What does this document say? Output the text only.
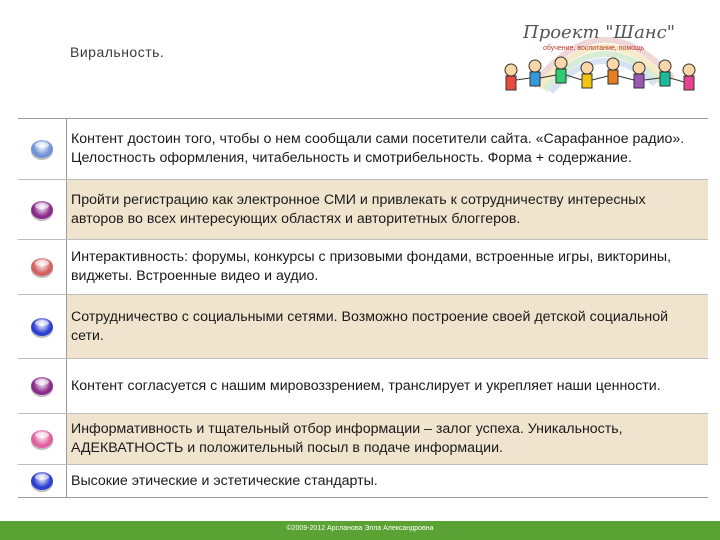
Виральность.
Проект "Шанс"
обучение, воспитание, помощь
Контент достоин того, чтобы о нем сообщали сами посетители сайта. «Сарафанное радио». Целостность оформления, читабельность и смотрибельность. Форма + содержание.
Пройти регистрацию как электронное СМИ и привлекать к сотрудничеству интересных авторов во всех интересующих областях и авторитетных блоггеров.
Интерактивность: форумы, конкурсы с призовыми фондами, встроенные игры, викторины, виджеты. Встроенные видео и аудио.
Сотрудничество с социальными сетями. Возможно построение своей детской социальной сети.
Контент согласуется с нашим мировоззрением, транслирует и укрепляет наши ценности.
Информативность и тщательный отбор информации – залог успеха. Уникальность, АДЕКВАТНОСТЬ и положительный посыл в подаче информации.
Высокие этические и эстетические стандарты.
©2009-2012 Арсланова Элла Александровна
